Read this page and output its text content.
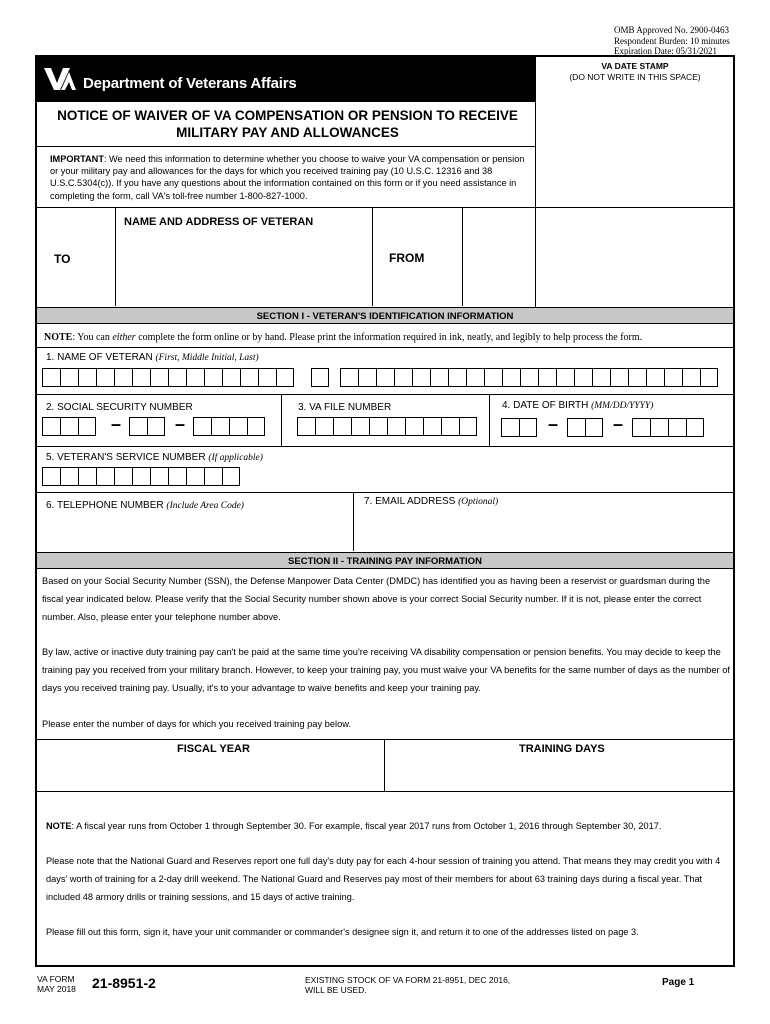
OMB Approved No. 2900-0463
Respondent Burden: 10 minutes
Expiration Date: 05/31/2021
Department of Veterans Affairs
VA DATE STAMP
(DO NOT WRITE IN THIS SPACE)
NOTICE OF WAIVER OF VA COMPENSATION OR PENSION TO RECEIVE
MILITARY PAY AND ALLOWANCES
IMPORTANT: We need this information to determine whether you choose to waive your VA compensation or pension or your military pay and allowances for the days for which you received training pay (10 U.S.C. 12316 and 38 U.S.C.5304(c)). If you have any questions about the information contained on this form or if you need assistance in completing the form, call VA's toll-free number 1-800-827-1000.
NAME AND ADDRESS OF VETERAN
TO	FROM
SECTION I - VETERAN'S IDENTIFICATION INFORMATION
NOTE: You can either complete the form online or by hand. Please print the information required in ink, neatly, and legibly to help process the form.
1. NAME OF VETERAN (First, Middle Initial, Last)
2. SOCIAL SECURITY NUMBER
–	–
3. VA FILE NUMBER	4. DATE OF BIRTH (MM/DD/YYYY)
–	–
5. VETERAN'S SERVICE NUMBER (If applicable)
6. TELEPHONE NUMBER (Include Area Code)	7. EMAIL ADDRESS (Optional)
SECTION II - TRAINING PAY INFORMATION
Based on your Social Security Number (SSN), the Defense Manpower Data Center (DMDC) has identified you as having been a reservist or guardsman during the fiscal year indicated below. Please verify that the Social Security number shown above is your correct Social Security number. If it is not, please enter the correct number. Also, please enter your telephone number above.
By law, active or inactive duty training pay can't be paid at the same time you're receiving VA disability compensation or pension benefits. You may decide to keep the training pay you received from your military branch. However, to keep your training pay, you must waive your VA benefits for the same number of days as the number of days you received training pay. Usually, it's to your advantage to waive benefits and keep your training pay.
Please enter the number of days for which you received training pay below.
FISCAL YEAR	TRAINING DAYS
NOTE: A fiscal year runs from October 1 through September 30. For example, fiscal year 2017 runs from October 1, 2016 through September 30, 2017.
Please note that the National Guard and Reserves report one full day's duty pay for each 4-hour session of training you attend. That means they may credit you with 4 days' worth of training for a 2-day drill weekend. The National Guard and Reserves pay most of their members for about 63 training days during a fiscal year. That included 48 armory drills or training sessions, and 15 days of active training.
Please fill out this form, sign it, have your unit commander or commander's designee sign it, and return it to one of the addresses listed on page 3.
VA FORM
MAY 2018 21-8951-2	EXISTING STOCK OF VA FORM 21-8951, DEC 2016,
WILL BE USED.
Page 1
